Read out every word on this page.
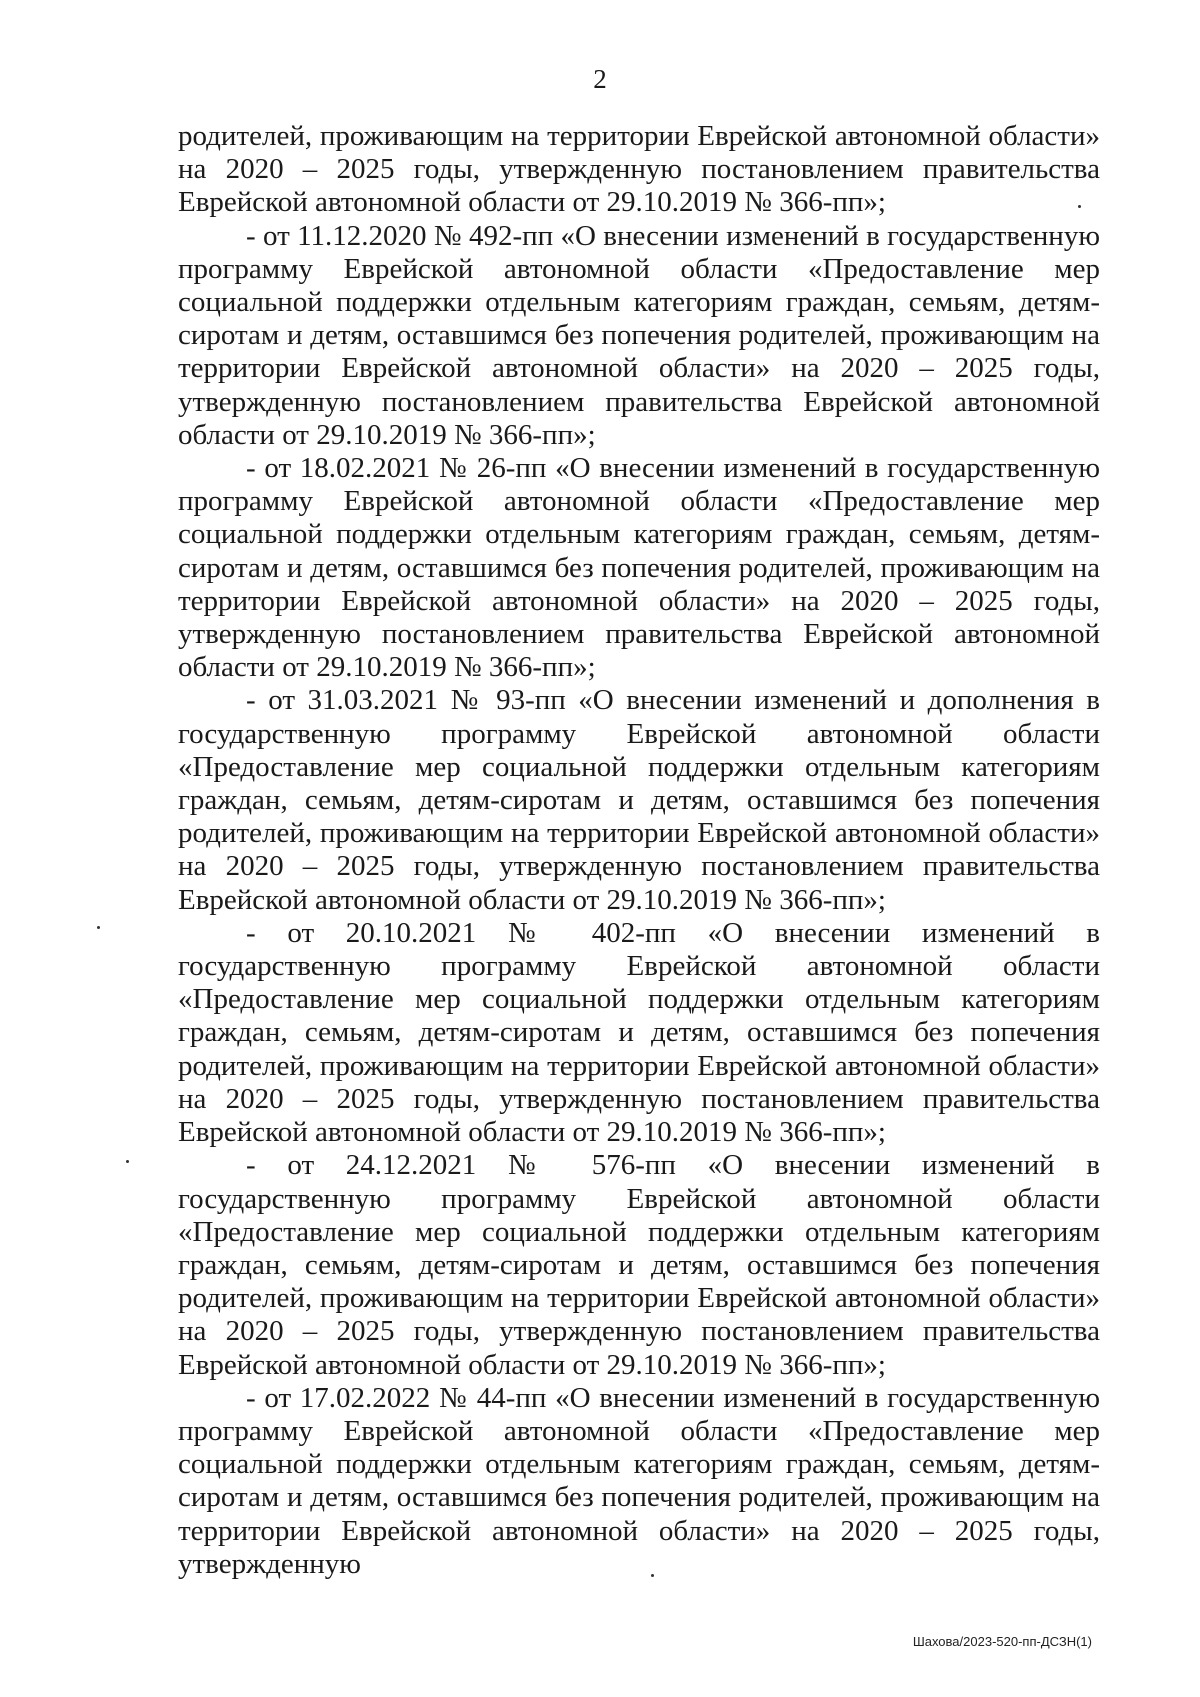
2

родителей, проживающим на территории Еврейской автономной области» на 2020 – 2025 годы, утвержденную постановлением правительства Еврейской автономной области от 29.10.2019 № 366-пп»;

- от 11.12.2020 № 492-пп «О внесении изменений в государственную программу Еврейской автономной области «Предоставление мер социальной поддержки отдельным категориям граждан, семьям, детям-сиротам и детям, оставшимся без попечения родителей, проживающим на территории Еврейской автономной области» на 2020 – 2025 годы, утвержденную постановлением правительства Еврейской автономной области от 29.10.2019 № 366-пп»;

- от 18.02.2021 № 26-пп «О внесении изменений в государственную программу Еврейской автономной области «Предоставление мер социальной поддержки отдельным категориям граждан, семьям, детям-сиротам и детям, оставшимся без попечения родителей, проживающим на территории Еврейской автономной области» на 2020 – 2025 годы, утвержденную постановлением правительства Еврейской автономной области от 29.10.2019 № 366-пп»;

- от 31.03.2021 № 93-пп «О внесении изменений и дополнения в государственную программу Еврейской автономной области «Предоставление мер социальной поддержки отдельным категориям граждан, семьям, детям-сиротам и детям, оставшимся без попечения родителей, проживающим на территории Еврейской автономной области» на 2020 – 2025 годы, утвержденную постановлением правительства Еврейской автономной области от 29.10.2019 № 366-пп»;

- от 20.10.2021 № 402-пп «О внесении изменений в государственную программу Еврейской автономной области «Предоставление мер социальной поддержки отдельным категориям граждан, семьям, детям-сиротам и детям, оставшимся без попечения родителей, проживающим на территории Еврейской автономной области» на 2020 – 2025 годы, утвержденную постановлением правительства Еврейской автономной области от 29.10.2019 № 366-пп»;

- от 24.12.2021 № 576-пп «О внесении изменений в государственную программу Еврейской автономной области «Предоставление мер социальной поддержки отдельным категориям граждан, семьям, детям-сиротам и детям, оставшимся без попечения родителей, проживающим на территории Еврейской автономной области» на 2020 – 2025 годы, утвержденную постановлением правительства Еврейской автономной области от 29.10.2019 № 366-пп»;

- от 17.02.2022 № 44-пп «О внесении изменений в государственную программу Еврейской автономной области «Предоставление мер социальной поддержки отдельным категориям граждан, семьям, детям-сиротам и детям, оставшимся без попечения родителей, проживающим на территории Еврейской автономной области» на 2020 – 2025 годы, утвержденную

Шахова/2023-520-пп-ДСЗН(1)
